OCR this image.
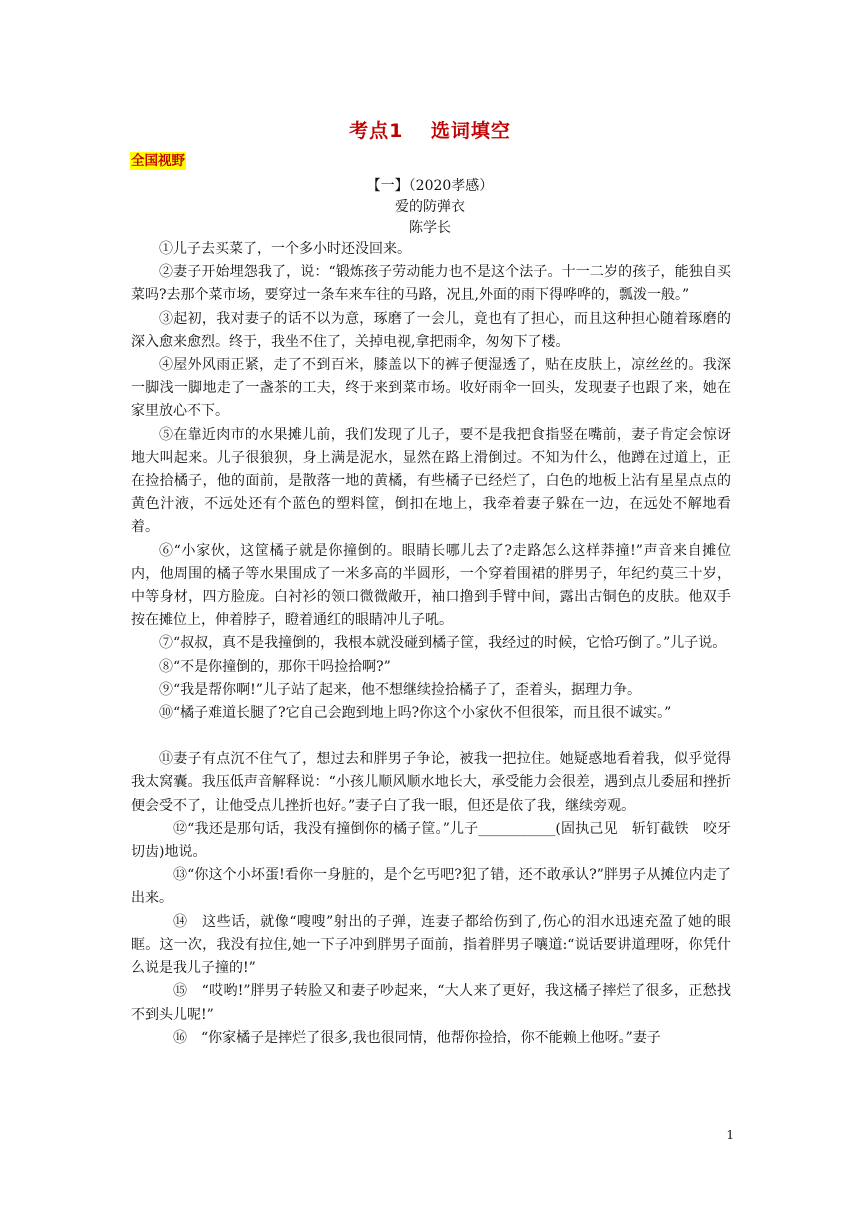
考点1　 选词填空
全国视野
【一】（2020孝感）
爱的防弹衣
陈学长

①儿子去买菜了，一个多小时还没回来。

②妻子开始埋怨我了，说：“锻炼孩子劳动能力也不是这个法子。十一二岁的孩子，能独自买菜吗?去那个菜市场，要穿过一条车来车往的马路，况且,外面的雨下得哗哗的，瓢泼一般。”

③起初，我对妻子的话不以为意，琢磨了一会儿，竟也有了担心，而且这种担心随着琢磨的深入愈来愈烈。终于，我坐不住了，关掉电视,拿把雨伞，匆匆下了楼。

④屋外风雨正紧，走了不到百米，膝盖以下的裤子便湿透了，贴在皮肤上，凉丝丝的。我深一脚浅一脚地走了一盏茶的工夫，终于来到菜市场。收好雨伞一回头，发现妻子也跟了来，她在家里放心不下。

⑤在靠近肉市的水果摊儿前，我们发现了儿子，要不是我把食指竖在嘴前，妻子肯定会惊讶地大叫起来。儿子很狼狈，身上满是泥水，显然在路上滑倒过。不知为什么，他蹲在过道上，正在捡拾橘子，他的面前，是散落一地的黄橘，有些橘子已经烂了，白色的地板上沾有星星点点的黄色汁液，不远处还有个蓝色的塑料筐，倒扣在地上，我牵着妻子躲在一边，在远处不解地看着。

⑥“小家伙，这筐橘子就是你撞倒的。眼睛长哪儿去了?走路怎么这样莽撞!”声音来自摊位内，他周围的橘子等水果围成了一米多高的半圆形，一个穿着围裙的胖男子，年纪约莫三十岁，中等身材，四方脸庞。白衬衫的领口微微敞开，袖口撸到手臂中间，露出古铜色的皮肤。他双手按在摊位上，伸着脖子，瞪着通红的眼睛冲儿子吼。

⑦“叔叔，真不是我撞倒的，我根本就没碰到橘子筐，我经过的时候，它恰巧倒了。”儿子说。

⑧“不是你撞倒的，那你干吗捡拾啊?”

⑨“我是帮你啊!”儿子站了起来，他不想继续捡拾橘子了，歪着头，据理力争。

⑩“橘子难道长腿了?它自己会跑到地上吗?你这个小家伙不但很笨，而且很不诚实。”

⑪妻子有点沉不住气了，想过去和胖男子争论，被我一把拉住。她疑惑地看着我，似乎觉得我太窝囊。我压低声音解释说：“小孩儿顺风顺水地长大，承受能力会很差，遇到点儿委屈和挫折便会受不了，让他受点儿挫折也好。”妻子白了我一眼，但还是依了我，继续旁观。

⑫“我还是那句话，我没有撞倒你的橘子筐。”儿子___________(固执己见　斩钉截铁　咬牙切齿)地说。

⑬“你这个小坏蛋!看你一身脏的，是个乞丐吧?犯了错，还不敢承认?”胖男子从摊位内走了出来。

⑭　这些话，就像“嗖嗖”射出的子弹，连妻子都给伤到了,伤心的泪水迅速充盈了她的眼眶。这一次，我没有拉住,她一下子冲到胖男子面前，指着胖男子嚷道:“说话要讲道理呀，你凭什么说是我儿子撞的!”

⑮　“哎哟!”胖男子转脸又和妻子吵起来，“大人来了更好，我这橘子摔烂了很多，正愁找不到头儿呢!”

⑯　“你家橘子是摔烂了很多,我也很同情，他帮你捡拾，你不能赖上他呀。”妻子

1
